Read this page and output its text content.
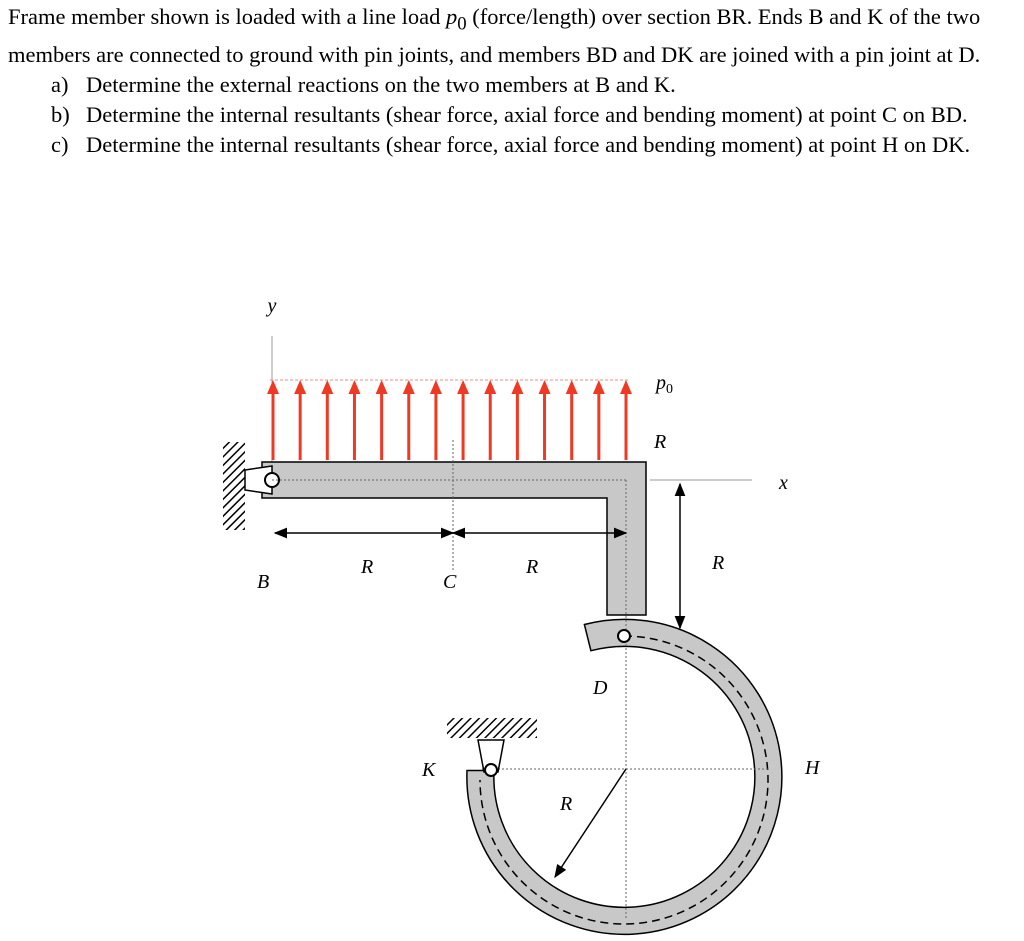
Frame member shown is loaded with a line load $p_0$ (force/length) over section BR. Ends B and K of the two members are connected to ground with pin joints, and members BD and DK are joined with a pin joint at D.

a) Determine the external reactions on the two members at B and K.
b) Determine the internal resultants (shear force, axial force and bending moment) at point C on BD.
c) Determine the internal resultants (shear force, axial force and bending moment) at point H on DK.
y
$p_0$
R
x
R	R	R
B	C
D
K	H
R
